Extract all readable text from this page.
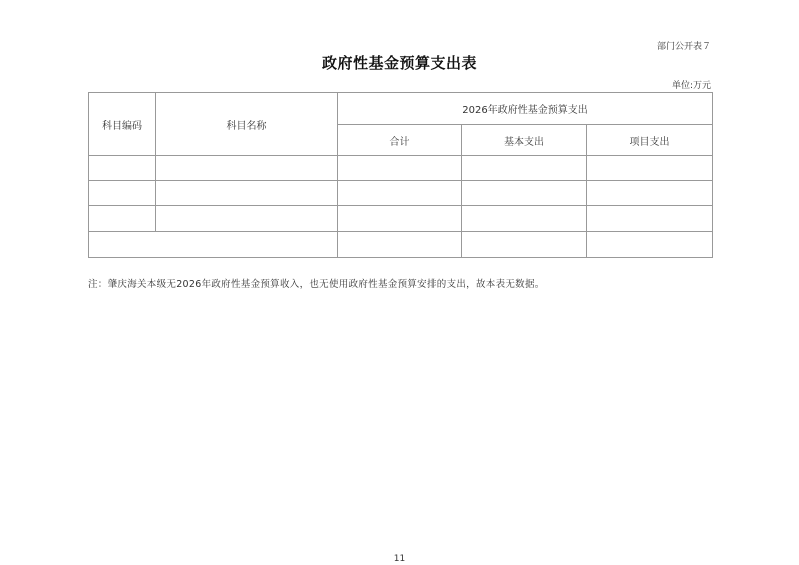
部门公开表７
政府性基金预算支出表
单位:万元
科目编码	科目名称	2026年政府性基金预算支出		
		合计	基本支出	项目支出

注：肇庆海关本级无2026年政府性基金预算收入，也无使用政府性基金预算安排的支出，故本表无数据。
11
